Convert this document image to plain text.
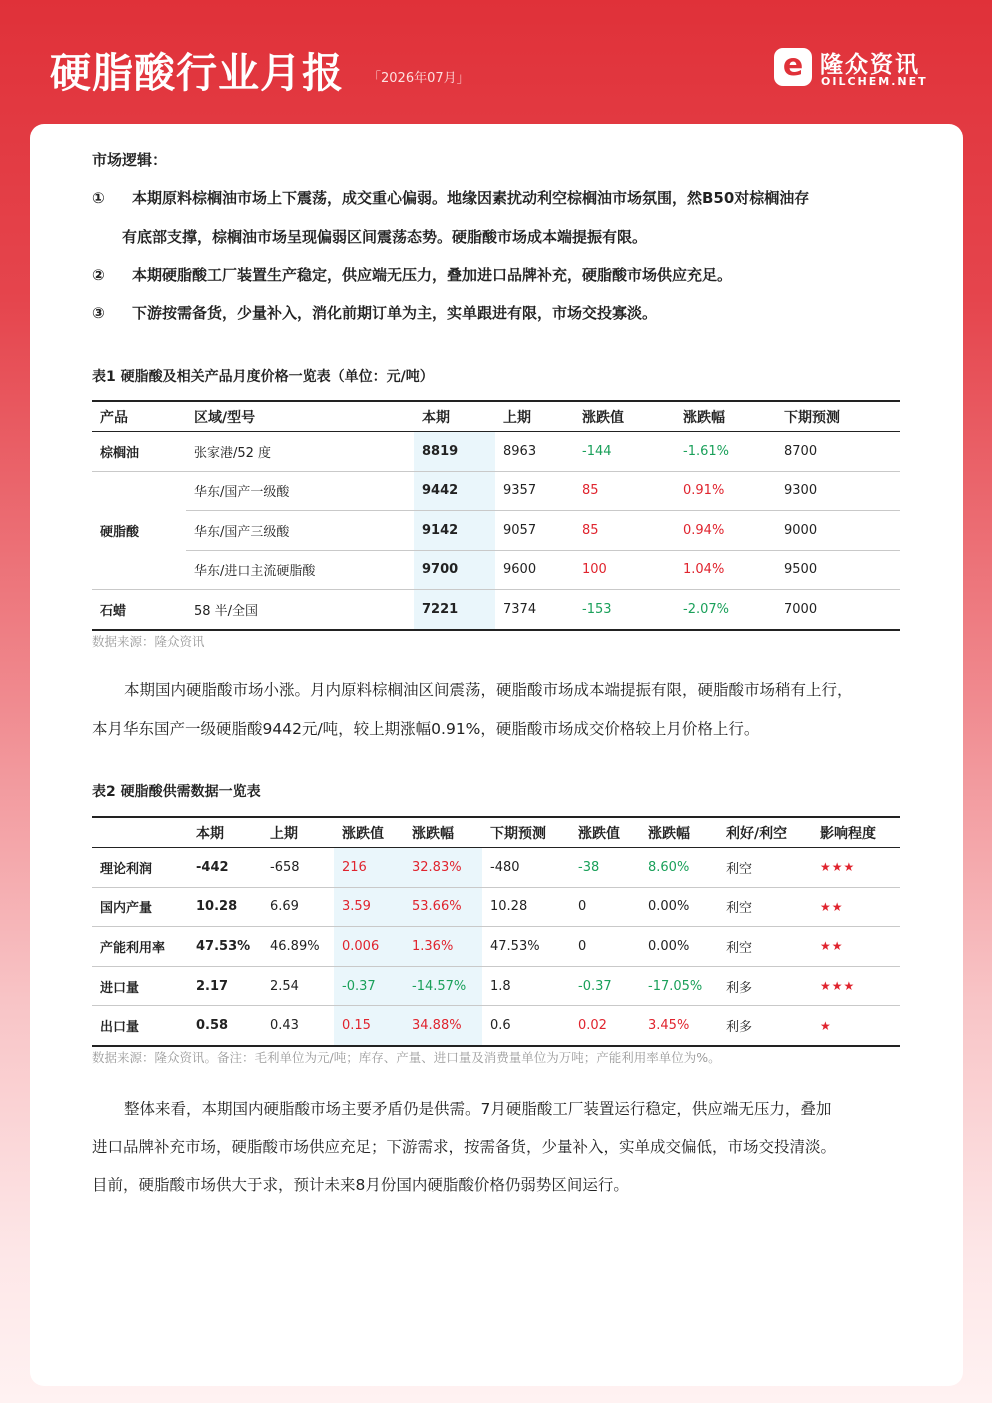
硬脂酸行业月报 「2026年07月」	e 隆众资讯
OILCHEM.NET
市场逻辑：
① 本期原料棕榈油市场上下震荡，成交重心偏弱。地缘因素扰动利空棕榈油市场氛围，然B50对棕榈油存
有底部支撑，棕榈油市场呈现偏弱区间震荡态势。硬脂酸市场成本端提振有限。
② 本期硬脂酸工厂装置生产稳定，供应端无压力，叠加进口品牌补充，硬脂酸市场供应充足。
③ 下游按需备货，少量补入，消化前期订单为主，实单跟进有限，市场交投寡淡。
表1 硬脂酸及相关产品月度价格一览表（单位：元/吨）
产品	区域/型号	本期	上期	涨跌值	涨跌幅	下期预测
棕榈油	张家港/52 度	8819	8963	-144	-1.61%	8700
硬脂酸	华东/国产一级酸	9442	9357	85	0.91%	9300
	华东/国产三级酸	9142	9057	85	0.94%	9000
	华东/进口主流硬脂酸	9700	9600	100	1.04%	9500
石蜡	58 半/全国	7221	7374	-153	-2.07%	7000
数据来源：隆众资讯
本期国内硬脂酸市场小涨。月内原料棕榈油区间震荡，硬脂酸市场成本端提振有限，硬脂酸市场稍有上行，
本月华东国产一级硬脂酸9442元/吨，较上期涨幅0.91%，硬脂酸市场成交价格较上月价格上行。
表2 硬脂酸供需数据一览表
	本期	上期	涨跌值	涨跌幅	下期预测	涨跌值	涨跌幅	利好/利空	影响程度
理论利润	-442	-658	216	32.83%	-480	-38	8.60%	利空	★★★
国内产量	10.28	6.69	3.59	53.66%	10.28	0	0.00%	利空	★★
产能利用率	47.53%	46.89%	0.006	1.36%	47.53%	0	0.00%	利空	★★
进口量	2.17	2.54	-0.37	-14.57%	1.8	-0.37	-17.05%	利多	★★★
出口量	0.58	0.43	0.15	34.88%	0.6	0.02	3.45%	利多	★
数据来源：隆众资讯。备注：毛利单位为元/吨；库存、产量、进口量及消费量单位为万吨；产能利用率单位为%。
整体来看，本期国内硬脂酸市场主要矛盾仍是供需。7月硬脂酸工厂装置运行稳定，供应端无压力，叠加
进口品牌补充市场，硬脂酸市场供应充足；下游需求，按需备货，少量补入，实单成交偏低，市场交投清淡。
目前，硬脂酸市场供大于求，预计未来8月份国内硬脂酸价格仍弱势区间运行。
